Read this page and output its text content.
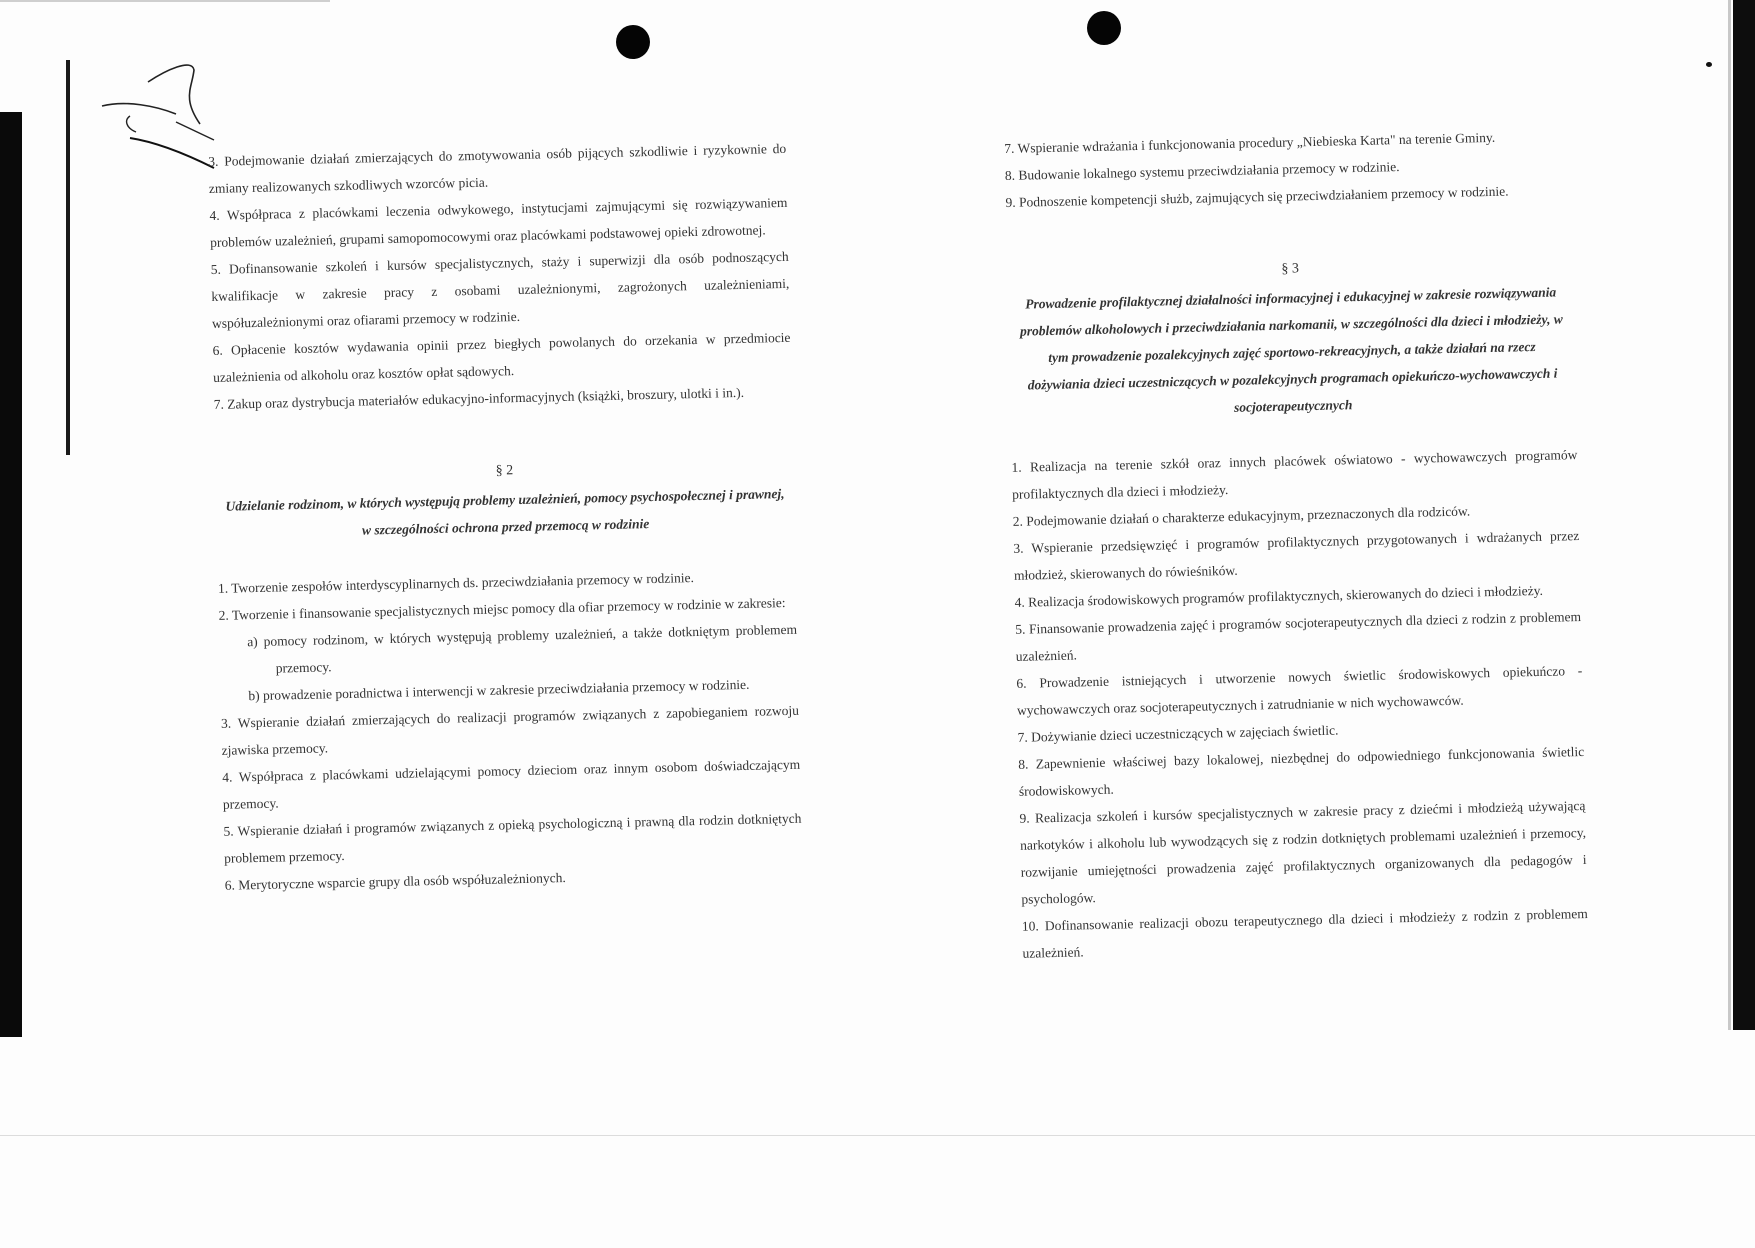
3. Podejmowanie działań zmierzających do zmotywowania osób pijących szkodliwie i ryzykownie do zmiany realizowanych szkodliwych wzorców picia.

4. Współpraca z placówkami leczenia odwykowego, instytucjami zajmującymi się rozwiązywaniem problemów uzależnień, grupami samopomocowymi oraz placówkami podstawowej opieki zdrowotnej.

5. Dofinansowanie szkoleń i kursów specjalistycznych, staży i superwizji dla osób podnoszących kwalifikacje w zakresie pracy z osobami uzależnionymi, zagrożonych uzależnieniami, współuzależnionymi oraz ofiarami przemocy w rodzinie.

6. Opłacenie kosztów wydawania opinii przez biegłych powolanych do orzekania w przedmiocie uzależnienia od alkoholu oraz kosztów opłat sądowych.

7. Zakup oraz dystrybucja materiałów edukacyjno-informacyjnych (książki, broszury, ulotki i in.).

§ 2
Udzielanie rodzinom, w których występują problemy uzależnień, pomocy psychospołecznej i prawnej, w szczególności ochrona przed przemocą w rodzinie

1. Tworzenie zespołów interdyscyplinarnych ds. przeciwdziałania przemocy w rodzinie.

2. Tworzenie i finansowanie specjalistycznych miejsc pomocy dla ofiar przemocy w rodzinie w zakresie:

a) pomocy rodzinom, w których występują problemy uzależnień, a także dotkniętym problemem przemocy.

b) prowadzenie poradnictwa i interwencji w zakresie przeciwdziałania przemocy w rodzinie.

3. Wspieranie działań zmierzających do realizacji programów związanych z zapobieganiem rozwoju zjawiska przemocy.

4. Współpraca z placówkami udzielającymi pomocy dzieciom oraz innym osobom doświadczającym przemocy.

5. Wspieranie działań i programów związanych z opieką psychologiczną i prawną dla rodzin dotkniętych problemem przemocy.

6. Merytoryczne wsparcie grupy dla osób współuzależnionych.

7. Wspieranie wdrażania i funkcjonowania procedury „Niebieska Karta" na terenie Gminy.

8. Budowanie lokalnego systemu przeciwdziałania przemocy w rodzinie.

9. Podnoszenie kompetencji służb, zajmujących się przeciwdziałaniem przemocy w rodzinie.

§ 3
Prowadzenie profilaktycznej działalności informacyjnej i edukacyjnej w zakresie rozwiązywania problemów alkoholowych i przeciwdziałania narkomanii, w szczególności dla dzieci i młodzieży, w tym prowadzenie pozalekcyjnych zajęć sportowo-rekreacyjnych, a także działań na rzecz dożywiania dzieci uczestniczących w pozalekcyjnych programach opiekuńczo-wychowawczych i socjoterapeutycznych

1. Realizacja na terenie szkół oraz innych placówek oświatowo - wychowawczych programów profilaktycznych dla dzieci i młodzieży.

2. Podejmowanie działań o charakterze edukacyjnym, przeznaczonych dla rodziców.

3. Wspieranie przedsięwzięć i programów profilaktycznych przygotowanych i wdrażanych przez młodzież, skierowanych do rówieśników.

4. Realizacja środowiskowych programów profilaktycznych, skierowanych do dzieci i młodzieży.

5. Finansowanie prowadzenia zajęć i programów socjoterapeutycznych dla dzieci z rodzin z problemem uzależnień.

6. Prowadzenie istniejących i utworzenie nowych świetlic środowiskowych opiekuńczo - wychowawczych oraz socjoterapeutycznych i zatrudnianie w nich wychowawców.

7. Dożywianie dzieci uczestniczących w zajęciach świetlic.

8. Zapewnienie właściwej bazy lokalowej, niezbędnej do odpowiedniego funkcjonowania świetlic środowiskowych.

9. Realizacja szkoleń i kursów specjalistycznych w zakresie pracy z dziećmi i młodzieżą używającą narkotyków i alkoholu lub wywodzących się z rodzin dotkniętych problemami uzależnień i przemocy, rozwijanie umiejętności prowadzenia zajęć profilaktycznych organizowanych dla pedagogów i psychologów.

10. Dofinansowanie realizacji obozu terapeutycznego dla dzieci i młodzieży z rodzin z problemem uzależnień.
